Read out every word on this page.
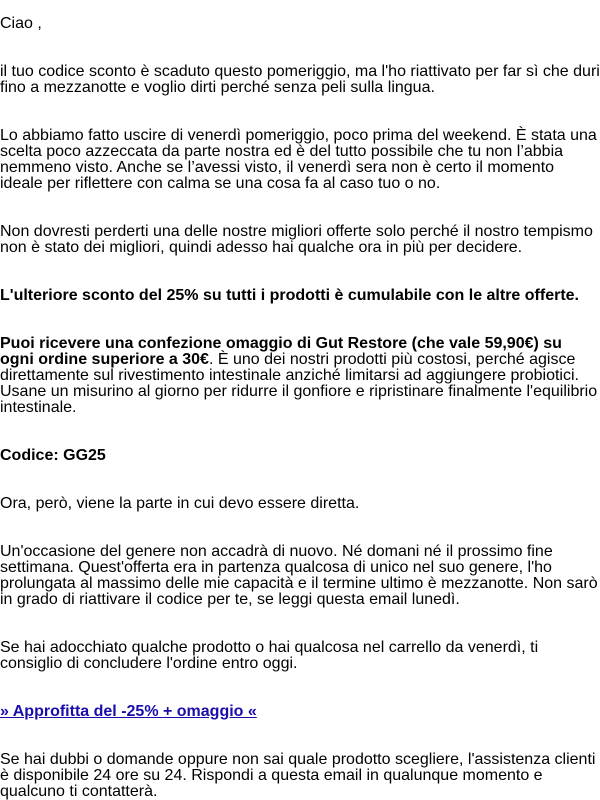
Ciao ,

il tuo codice sconto è scaduto questo pomeriggio, ma l'ho riattivato per far sì che duri
fino a mezzanotte e voglio dirti perché senza peli sulla lingua.

Lo abbiamo fatto uscire di venerdì pomeriggio, poco prima del weekend. È stata una
scelta poco azzeccata da parte nostra ed è del tutto possibile che tu non l’abbia
nemmeno visto. Anche se l’avessi visto, il venerdì sera non è certo il momento
ideale per riflettere con calma se una cosa fa al caso tuo o no.

Non dovresti perderti una delle nostre migliori offerte solo perché il nostro tempismo
non è stato dei migliori, quindi adesso hai qualche ora in più per decidere.

L'ulteriore sconto del 25% su tutti i prodotti è cumulabile con le altre offerte.

Puoi ricevere una confezione omaggio di Gut Restore (che vale 59,90€) su
ogni ordine superiore a 30€. È uno dei nostri prodotti più costosi, perché agisce
direttamente sul rivestimento intestinale anziché limitarsi ad aggiungere probiotici.
Usane un misurino al giorno per ridurre il gonfiore e ripristinare finalmente l'equilibrio
intestinale.

Codice: GG25

Ora, però, viene la parte in cui devo essere diretta.

Un'occasione del genere non accadrà di nuovo. Né domani né il prossimo fine
settimana. Quest'offerta era in partenza qualcosa di unico nel suo genere, l'ho
prolungata al massimo delle mie capacità e il termine ultimo è mezzanotte. Non sarò
in grado di riattivare il codice per te, se leggi questa email lunedì.

Se hai adocchiato qualche prodotto o hai qualcosa nel carrello da venerdì, ti
consiglio di concludere l'ordine entro oggi.

» Approfitta del -25% + omaggio «

Se hai dubbi o domande oppure non sai quale prodotto scegliere, l'assistenza clienti
è disponibile 24 ore su 24. Rispondi a questa email in qualunque momento e
qualcuno ti contatterà.
